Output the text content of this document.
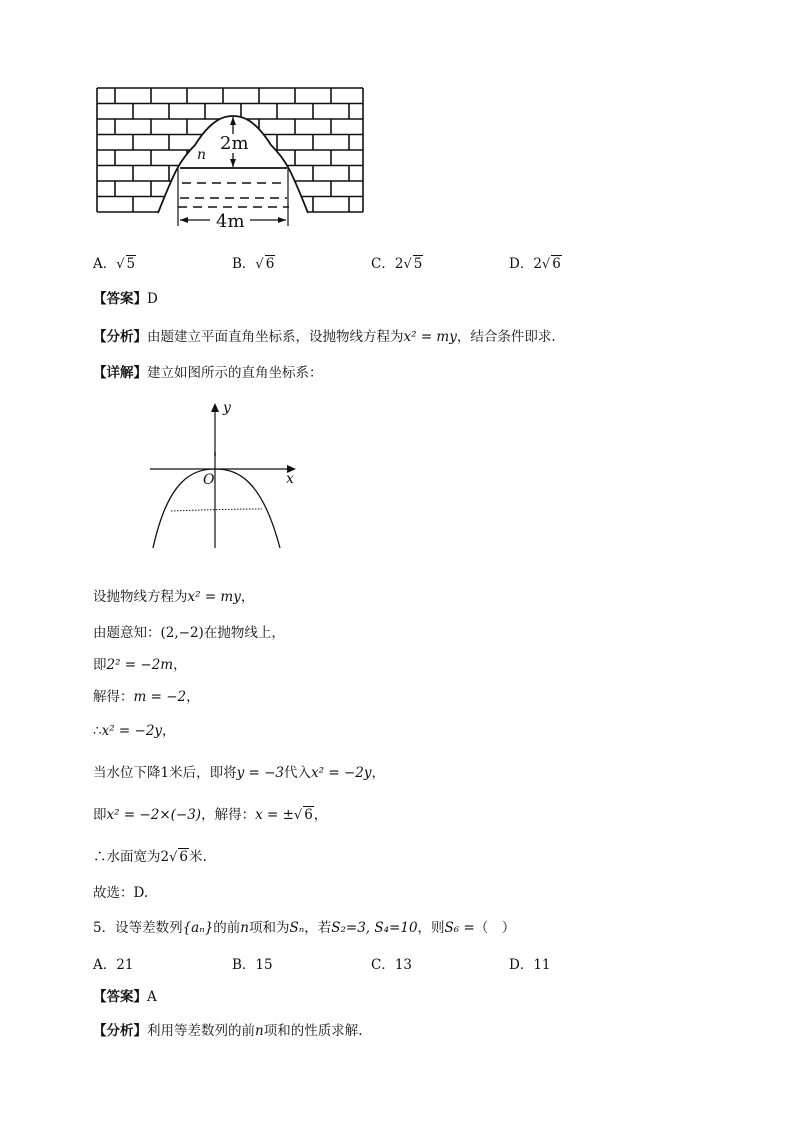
2m
n
4m
A．√ 5	B．√ 6	C．2√ 5	D．2√ 6
【答案】D
【分析】由题建立平面直角坐标系，设抛物线方程为x² = my，结合条件即求.
【详解】建立如图所示的直角坐标系：
y
x
O
设抛物线方程为x² = my，
由题意知：(2,−2)在抛物线上，
即2² = −2m，
解得：m = −2，
∴x² = −2y，
当水位下降1米后，即将y = −3代入x² = −2y，
即x² = −2×(−3)，解得：x = ±√ 6，
∴水面宽为2√ 6米.
故选：D.
5．设等差数列{aₙ}的前n项和为Sₙ，若S₂=3, S₄=10，则S₆ =（　）
A．21	B．15	C．13	D．11
【答案】A
【分析】利用等差数列的前n项和的性质求解.
